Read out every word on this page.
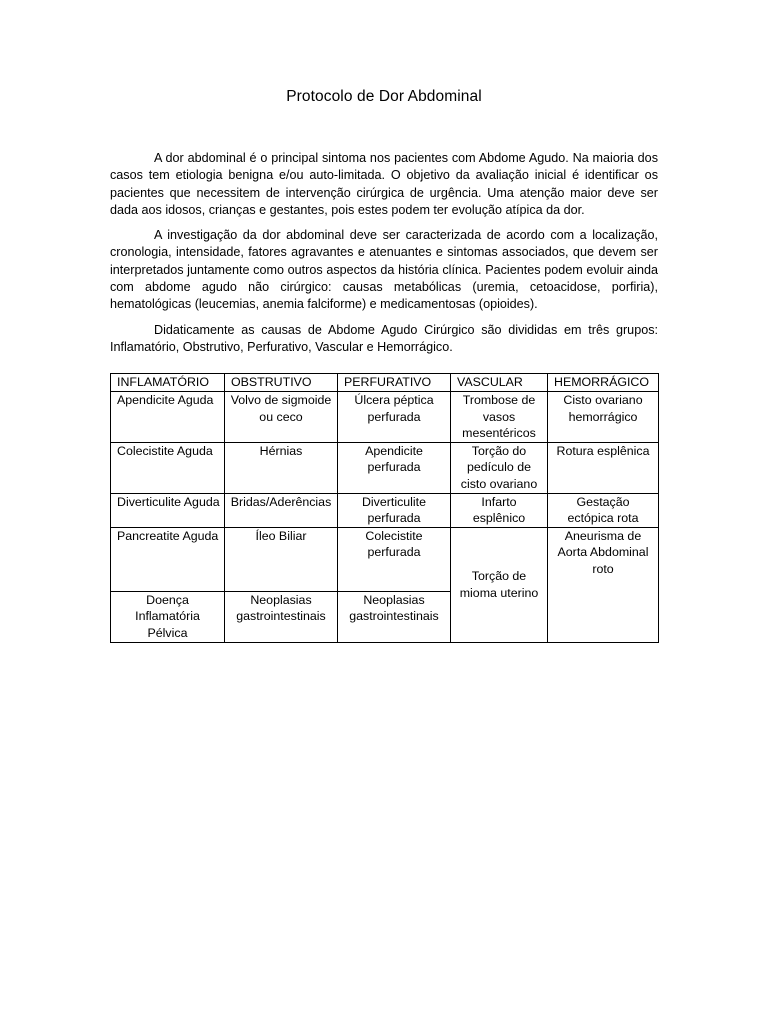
Protocolo de Dor Abdominal

A dor abdominal é o principal sintoma nos pacientes com Abdome Agudo. Na maioria dos casos tem etiologia benigna e/ou auto-limitada. O objetivo da avaliação inicial é identificar os pacientes que necessitem de intervenção cirúrgica de urgência. Uma atenção maior deve ser dada aos idosos, crianças e gestantes, pois estes podem ter evolução atípica da dor.

A investigação da dor abdominal deve ser caracterizada de acordo com a localização, cronologia, intensidade, fatores agravantes e atenuantes e sintomas associados, que devem ser interpretados juntamente como outros aspectos da história clínica. Pacientes podem evoluir ainda com abdome agudo não cirúrgico: causas metabólicas (uremia, cetoacidose, porfiria), hematológicas (leucemias, anemia falciforme) e medicamentosas (opioides).

Didaticamente as causas de Abdome Agudo Cirúrgico são divididas em três grupos: Inflamatório, Obstrutivo, Perfurativo, Vascular e Hemorrágico.

INFLAMATÓRIO	OBSTRUTIVO	PERFURATIVO	VASCULAR	HEMORRÁGICO
Apendicite Aguda	Volvo de sigmoide ou ceco	Úlcera péptica perfurada	Trombose de vasos mesentéricos	Cisto ovariano hemorrágico
Colecistite Aguda	Hérnias	Apendicite perfurada	Torção do pedículo de cisto ovariano	Rotura esplênica
Diverticulite Aguda	Bridas/Aderências	Diverticulite perfurada	Infarto esplênico	Gestação ectópica rota
Pancreatite Aguda	Íleo Biliar	Colecistite perfurada	Torção de mioma uterino	Aneurisma de Aorta Abdominal roto
Doença Inflamatória Pélvica	Neoplasias gastrointestinais	Neoplasias gastrointestinais		
